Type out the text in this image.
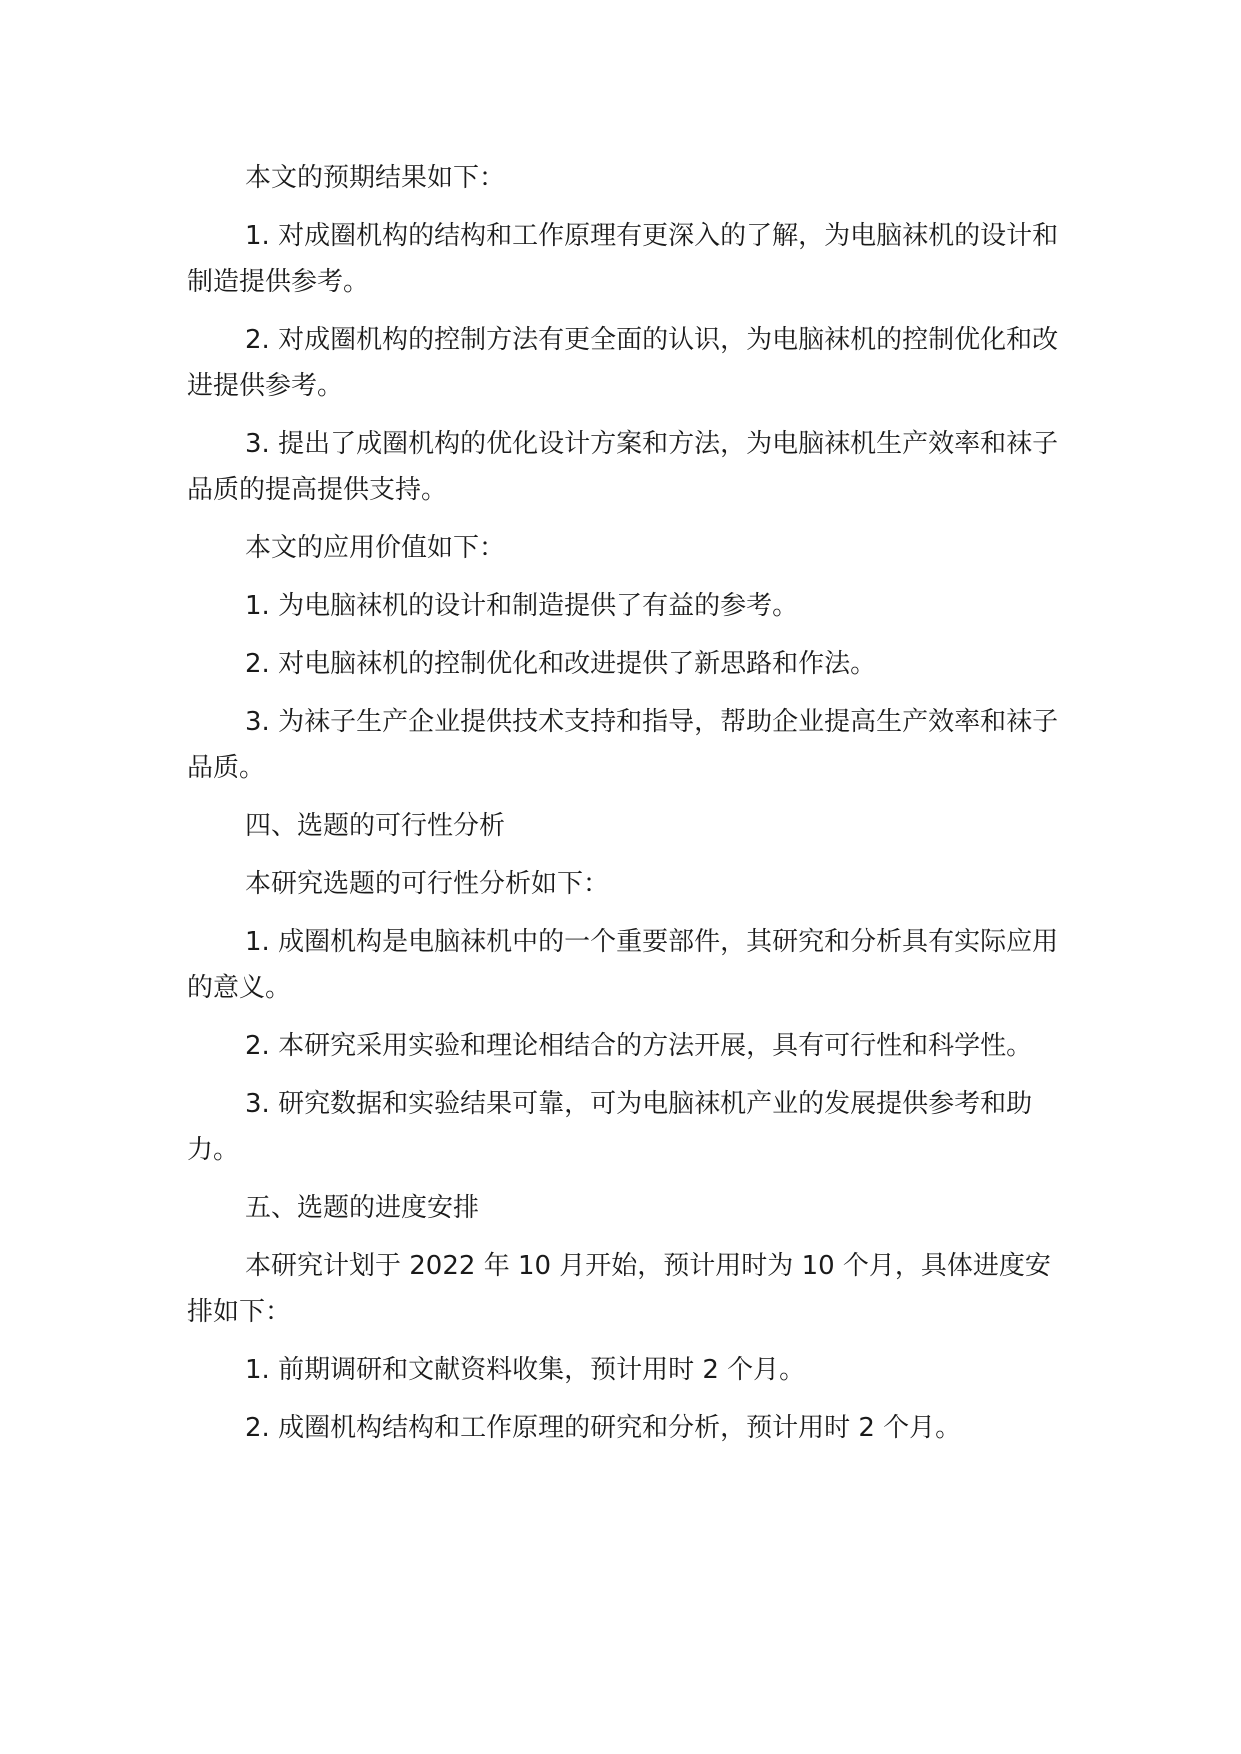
本文的预期结果如下：

1. 对成圈机构的结构和工作原理有更深入的了解，为电脑袜机的设计和制造提供参考。

2. 对成圈机构的控制方法有更全面的认识，为电脑袜机的控制优化和改进提供参考。

3. 提出了成圈机构的优化设计方案和方法，为电脑袜机生产效率和袜子品质的提高提供支持。

本文的应用价值如下：

1. 为电脑袜机的设计和制造提供了有益的参考。

2. 对电脑袜机的控制优化和改进提供了新思路和作法。

3. 为袜子生产企业提供技术支持和指导，帮助企业提高生产效率和袜子品质。

四、选题的可行性分析

本研究选题的可行性分析如下：

1. 成圈机构是电脑袜机中的一个重要部件，其研究和分析具有实际应用的意义。

2. 本研究采用实验和理论相结合的方法开展，具有可行性和科学性。

3. 研究数据和实验结果可靠，可为电脑袜机产业的发展提供参考和助力。

五、选题的进度安排

本研究计划于 2022 年 10 月开始，预计用时为 10 个月，具体进度安排如下：

1. 前期调研和文献资料收集，预计用时 2 个月。

2. 成圈机构结构和工作原理的研究和分析，预计用时 2 个月。
